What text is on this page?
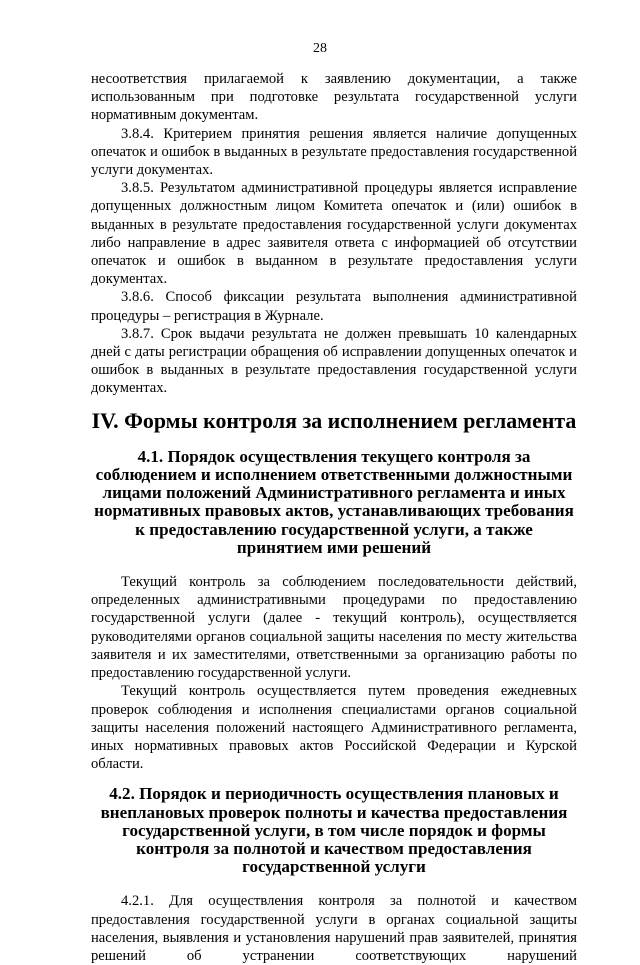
28

несоответствия прилагаемой к заявлению документации, а также использованным при подготовке результата государственной услуги нормативным документам.

3.8.4. Критерием принятия решения является наличие допущенных опечаток и ошибок в выданных в результате предоставления государственной услуги документах.

3.8.5. Результатом административной процедуры является исправление допущенных должностным лицом Комитета опечаток и (или) ошибок в выданных в результате предоставления государственной услуги документах либо направление в адрес заявителя ответа с информацией об отсутствии опечаток и ошибок в выданном в результате предоставления услуги документах.

3.8.6. Способ фиксации результата выполнения административной процедуры – регистрация в Журнале.

3.8.7. Срок выдачи результата не должен превышать 10 календарных дней с даты регистрации обращения об исправлении допущенных опечаток и ошибок в выданных в результате предоставления государственной услуги документах.

IV. Формы контроля за исполнением регламента
4.1. Порядок осуществления текущего контроля за соблюдением и исполнением ответственными должностными лицами положений Административного регламента и иных нормативных правовых актов, устанавливающих требования к предоставлению государственной услуги, а также принятием ими решений

Текущий контроль за соблюдением последовательности действий, определенных административными процедурами по предоставлению государственной услуги (далее - текущий контроль), осуществляется руководителями органов социальной защиты населения по месту жительства заявителя и их заместителями, ответственными за организацию работы по предоставлению государственной услуги.

Текущий контроль осуществляется путем проведения ежедневных проверок соблюдения и исполнения специалистами органов социальной защиты населения положений настоящего Административного регламента, иных нормативных правовых актов Российской Федерации и Курской области.

4.2. Порядок и периодичность осуществления плановых и внеплановых проверок полноты и качества предоставления государственной услуги, в том числе порядок и формы контроля за полнотой и качеством предоставления государственной услуги

4.2.1. Для осуществления контроля за полнотой и качеством предоставления государственной услуги в органах социальной защиты населения, выявления и установления нарушений прав заявителей, принятия решений об устранении соответствующих нарушений
